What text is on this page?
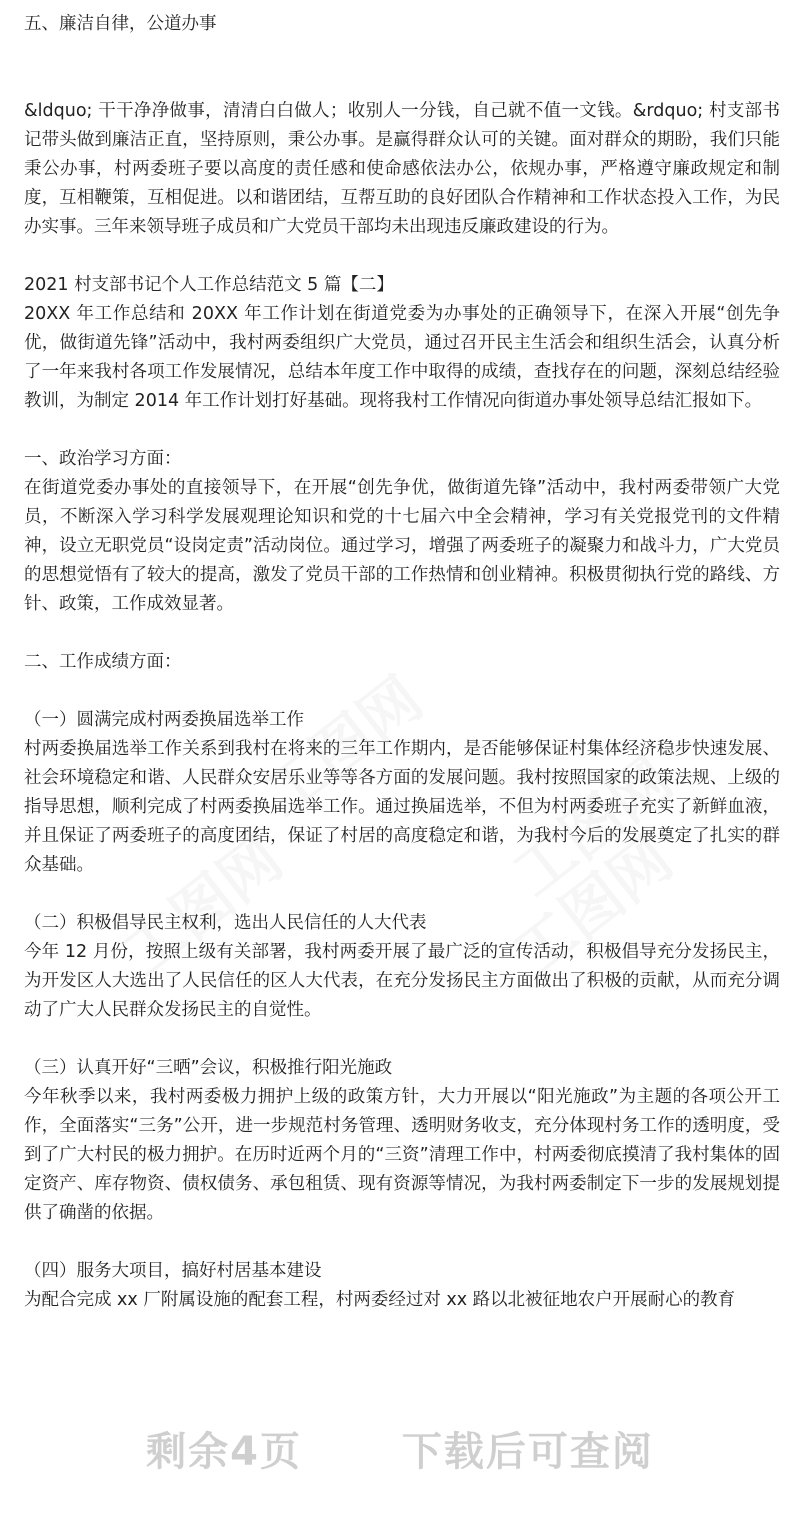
五、廉洁自律，公道办事

&ldquo; 干干净净做事，清清白白做人；收别人一分钱，自己就不值一文钱。&rdquo; 村支部书记带头做到廉洁正直，坚持原则，秉公办事。是赢得群众认可的关键。面对群众的期盼，我们只能秉公办事，村两委班子要以高度的责任感和使命感依法办公，依规办事，严格遵守廉政规定和制度，互相鞭策，互相促进。以和谐团结，互帮互助的良好团队合作精神和工作状态投入工作，为民办实事。三年来领导班子成员和广大党员干部均未出现违反廉政建设的行为。

2021 村支部书记个人工作总结范文 5 篇【二】

20XX 年工作总结和 20XX 年工作计划在街道党委为办事处的正确领导下，在深入开展“创先争优，做街道先锋”活动中，我村两委组织广大党员，通过召开民主生活会和组织生活会，认真分析了一年来我村各项工作发展情况，总结本年度工作中取得的成绩，查找存在的问题，深刻总结经验教训，为制定 2014 年工作计划打好基础。现将我村工作情况向街道办事处领导总结汇报如下。

一、政治学习方面：

在街道党委办事处的直接领导下，在开展“创先争优，做街道先锋”活动中，我村两委带领广大党员，不断深入学习科学发展观理论知识和党的十七届六中全会精神，学习有关党报党刊的文件精神，设立无职党员“设岗定责”活动岗位。通过学习，增强了两委班子的凝聚力和战斗力，广大党员的思想觉悟有了较大的提高，激发了党员干部的工作热情和创业精神。积极贯彻执行党的路线、方针、政策，工作成效显著。

二、工作成绩方面：

（一）圆满完成村两委换届选举工作

村两委换届选举工作关系到我村在将来的三年工作期内，是否能够保证村集体经济稳步快速发展、社会环境稳定和谐、人民群众安居乐业等等各方面的发展问题。我村按照国家的政策法规、上级的指导思想，顺利完成了村两委换届选举工作。通过换届选举，不但为村两委班子充实了新鲜血液，并且保证了两委班子的高度团结，保证了村居的高度稳定和谐，为我村今后的发展奠定了扎实的群众基础。

（二）积极倡导民主权利，选出人民信任的人大代表

今年 12 月份，按照上级有关部署，我村两委开展了最广泛的宣传活动，积极倡导充分发扬民主，为开发区人大选出了人民信任的区人大代表，在充分发扬民主方面做出了积极的贡献，从而充分调动了广大人民群众发扬民主的自觉性。

（三）认真开好“三晒”会议，积极推行阳光施政

今年秋季以来，我村两委极力拥护上级的政策方针，大力开展以“阳光施政”为主题的各项公开工作，全面落实“三务”公开，进一步规范村务管理、透明财务收支，充分体现村务工作的透明度，受到了广大村民的极力拥护。在历时近两个月的“三资”清理工作中，村两委彻底摸清了我村集体的固定资产、库存物资、债权债务、承包租赁、现有资源等情况，为我村两委制定下一步的发展规划提供了确凿的依据。

（四）服务大项目，搞好村居基本建设

为配合完成 xx 厂附属设施的配套工程，村两委经过对 xx 路以北被征地农户开展耐心的教育

剩余4页 下载后可查阅
